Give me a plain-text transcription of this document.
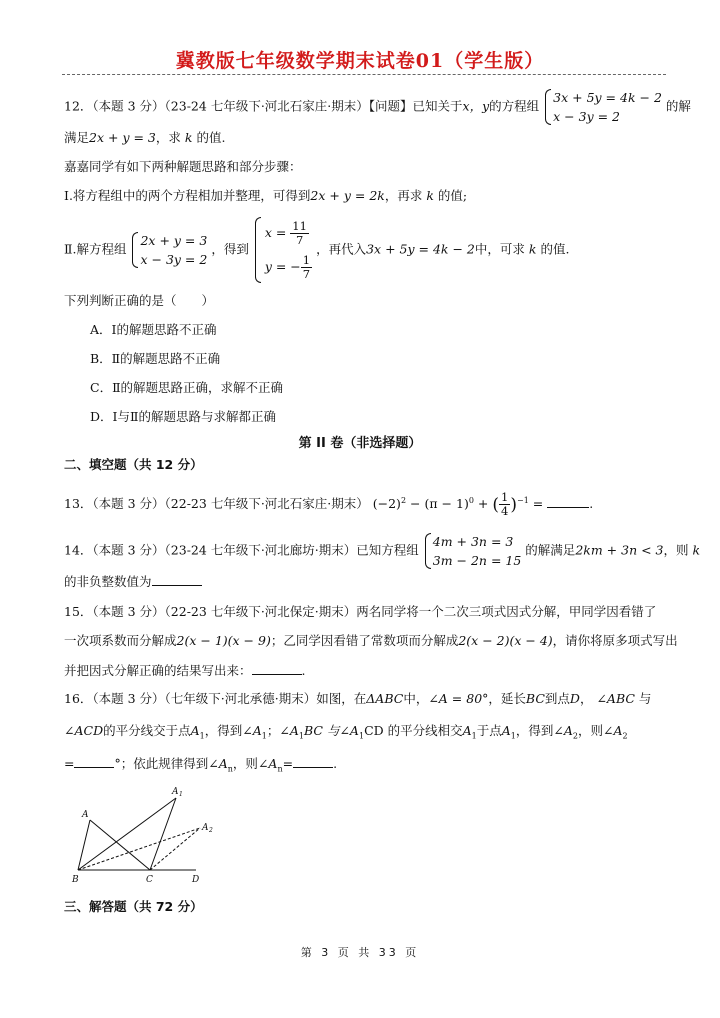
冀教版七年级数学期末试卷01（学生版）
12．（本题 3 分）（23-24 七年级下·河北石家庄·期末）【问题】已知关于x，y的方程组
3x + 5y = 4k − 2
x − 3y = 2
的解
满足2x + y = 3，求 k 的值.
嘉嘉同学有如下两种解题思路和部分步骤：
Ⅰ.将方程组中的两个方程相加并整理，可得到2x + y = 2k，再求 k 的值;
Ⅱ.解方程组
2x + y = 3
x − 3y = 2
，得到
$x = \frac{11}{7}$
y = − $\frac{1}{7}$
，再代入3x + 5y = 4k − 2中，可求 k 的值.
下列判断正确的是（　　）
A．Ⅰ的解题思路不正确
B．Ⅱ的解题思路不正确
C．Ⅱ的解题思路正确，求解不正确
D．Ⅰ与Ⅱ的解题思路与求解都正确
第 II 卷（非选择题）
二、填空题（共 12 分）
13．（本题 3 分）（22-23 七年级下·河北石家庄·期末） $(-2)^2 - (\pi - 1)^0$ + ( $\frac{1}{4} )^{-1}$ =	.
14．（本题 3 分）（23-24 七年级下·河北廊坊·期末）已知方程组
4m + 3n = 3
3m − 2n = 15
的解满足2km + 3n < 3，则 k
的非负整数值为
15．（本题 3 分）（22-23 七年级下·河北保定·期末）两名同学将一个二次三项式因式分解，甲同学因看错了
一次项系数而分解成2(x − 1)(x − 9)；乙同学因看错了常数项而分解成2(x − 2)(x − 4)，请你将原多项式写出
并把因式分解正确的结果写出来：	.
16．（本题 3 分）（七年级下·河北承德·期末）如图，在ΔABC中，∠A = 80°，延长BC到点D， ∠ABC 与
∠ACD的平分线交于点$A_1$，得到$\angle A_1$；$\angle A_1BC$ 与$\angle A_1CD$ 的平分线相交$A_1$于点$A_1$，得到$\angle A_2$，则$\angle A_2$
=	°；依此规律得到$\angle A_n$，则$\angle A_n=$	.
A
A 1
A 2
B	C	D
三、解答题（共 72 分）
第 3 页 共 33 页
